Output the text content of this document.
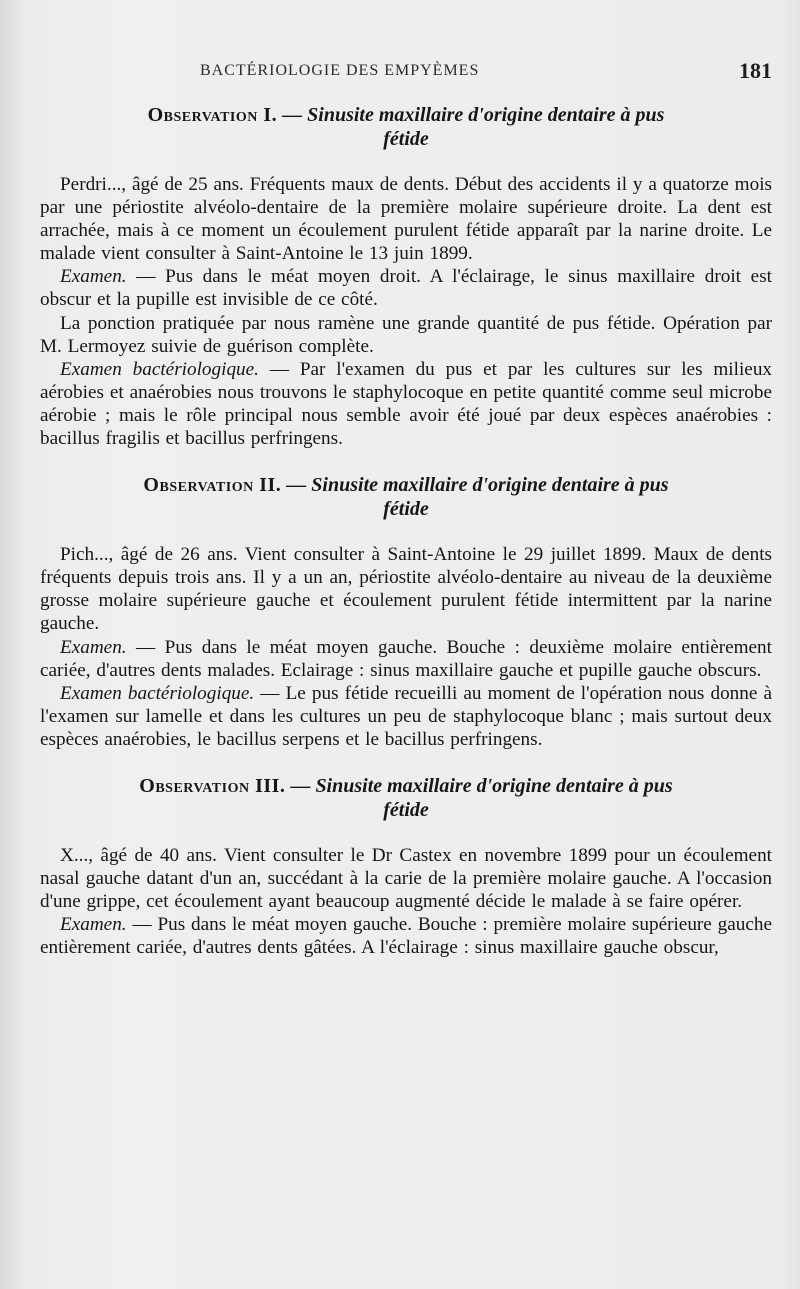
BACTÉRIOLOGIE DES EMPYÈMES	181
Observation I. — Sinusite maxillaire d'origine dentaire à pus
fétide

Perdri..., âgé de 25 ans. Fréquents maux de dents. Début des accidents il y a quatorze mois par une périostite alvéolo-dentaire de la première molaire supérieure droite. La dent est arrachée, mais à ce moment un écoulement purulent fétide apparaît par la narine droite. Le malade vient consulter à Saint-Antoine le 13 juin 1899.

Examen. — Pus dans le méat moyen droit. A l'éclairage, le sinus maxillaire droit est obscur et la pupille est invisible de ce côté.

La ponction pratiquée par nous ramène une grande quantité de pus fétide. Opération par M. Lermoyez suivie de guérison complète.

Examen bactériologique. — Par l'examen du pus et par les cultures sur les milieux aérobies et anaérobies nous trouvons le staphylocoque en petite quantité comme seul microbe aérobie ; mais le rôle principal nous semble avoir été joué par deux espèces anaérobies : bacillus fragilis et bacillus perfringens.

Observation II. — Sinusite maxillaire d'origine dentaire à pus
fétide

Pich..., âgé de 26 ans. Vient consulter à Saint-Antoine le 29 juillet 1899. Maux de dents fréquents depuis trois ans. Il y a un an, périostite alvéolo-dentaire au niveau de la deuxième grosse molaire supérieure gauche et écoulement purulent fétide intermittent par la narine gauche.

Examen. — Pus dans le méat moyen gauche. Bouche : deuxième molaire entièrement cariée, d'autres dents malades. Eclairage : sinus maxillaire gauche et pupille gauche obscurs.

Examen bactériologique. — Le pus fétide recueilli au moment de l'opération nous donne à l'examen sur lamelle et dans les cultures un peu de staphylocoque blanc ; mais surtout deux espèces anaérobies, le bacillus serpens et le bacillus perfringens.

Observation III. — Sinusite maxillaire d'origine dentaire à pus
fétide

X..., âgé de 40 ans. Vient consulter le Dr Castex en novembre 1899 pour un écoulement nasal gauche datant d'un an, succédant à la carie de la première molaire gauche. A l'occasion d'une grippe, cet écoulement ayant beaucoup augmenté décide le malade à se faire opérer.

Examen. — Pus dans le méat moyen gauche. Bouche : première molaire supérieure gauche entièrement cariée, d'autres dents gâtées. A l'éclairage : sinus maxillaire gauche obscur,
